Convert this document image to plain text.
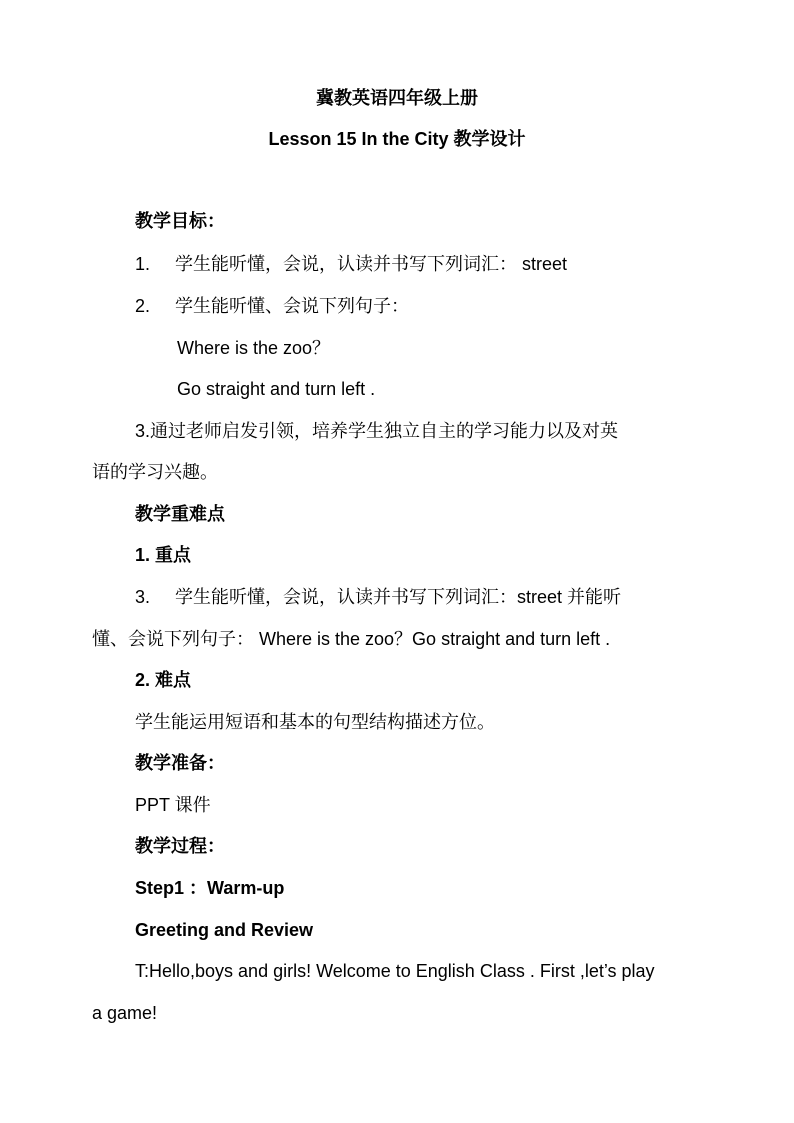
冀教英语四年级上册
Lesson 15 In the City 教学设计
教学目标：
1. 学生能听懂，会说，认读并书写下列词汇： street
2. 学生能听懂、会说下列句子：
Where is the zoo？
Go straight and turn left .
3.通过老师启发引领，培养学生独立自主的学习能力以及对英
语的学习兴趣。
教学重难点
1. 重点
3. 学生能听懂，会说，认读并书写下列词汇：street 并能听
懂、会说下列句子： Where is the zoo？Go straight and turn left .
2. 难点
学生能运用短语和基本的句型结构描述方位。
教学准备：
PPT 课件
教学过程：
Step1 ：Warm-up
Greeting and Review
T:Hello,boys and girls! Welcome to English Class . First ,let’s play
a game!
